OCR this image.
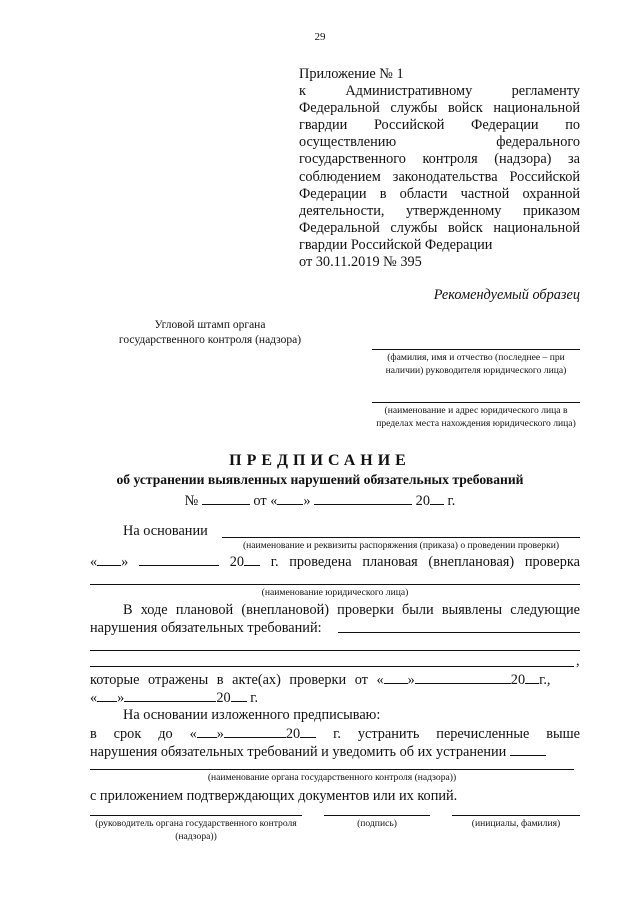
29
Приложение № 1
к Административному регламенту
Федеральной службы войск национальной
гвардии Российской Федерации по
осуществлению федерального
государственного контроля (надзора) за
соблюдением законодательства Российской
Федерации в области частной охранной
деятельности, утвержденному приказом
Федеральной службы войск национальной
гвардии Российской Федерации
от 30.11.2019 № 395
Рекомендуемый образец
Угловой штамп органа
государственного контроля (надзора)
(фамилия, имя и отчество (последнее – при наличии) руководителя юридического лица)
(наименование и адрес юридического лица в пределах места нахождения юридического лица)
ПРЕДПИСАНИЕ
об устранении выявленных нарушений обязательных требований
№	от « »	20 г.
На основании
(наименование и реквизиты распоряжения (приказа) о проведении проверки)
« »	20 г. проведена плановая (внеплановая) проверка
(наименование юридического лица)
В ходе плановой (внеплановой) проверки были выявлены следующие
нарушения обязательных требований:
,
которые отражены в акте(ах) проверки от « »	20 г.,
« »	20 г.
На основании изложенного предписываю:
в срок до « »	20 г. устранить перечисленные выше
нарушения обязательных требований и уведомить об их устранении
(наименование органа государственного контроля (надзора))
с приложением подтверждающих документов или их копий.
(руководитель органа государственного контроля (надзора))
(подпись)	(инициалы, фамилия)
